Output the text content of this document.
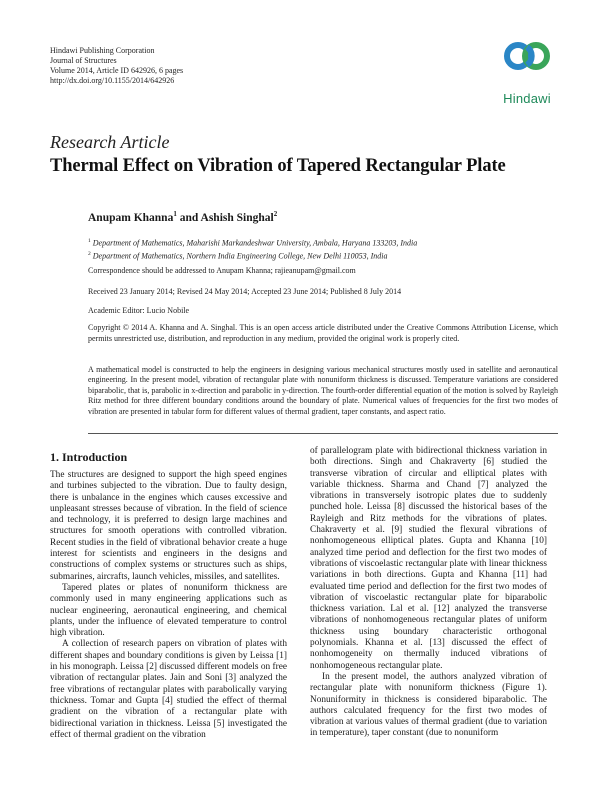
Hindawi Publishing Corporation
Journal of Structures
Volume 2014, Article ID 642926, 6 pages
http://dx.doi.org/10.1155/2014/642926
Hindawi
Research Article
Thermal Effect on Vibration of Tapered Rectangular Plate
Anupam Khanna$^1$ and Ashish Singhal$^2$
$^1$ Department of Mathematics, Maharishi Markandeshwar University, Ambala, Haryana 133203, India
$^2$ Department of Mathematics, Northern India Engineering College, New Delhi 110053, India
Correspondence should be addressed to Anupam Khanna; rajieanupam@gmail.com
Received 23 January 2014; Revised 24 May 2014; Accepted 23 June 2014; Published 8 July 2014
Academic Editor: Lucio Nobile
Copyright © 2014 A. Khanna and A. Singhal. This is an open access article distributed under the Creative Commons Attribution License, which permits unrestricted use, distribution, and reproduction in any medium, provided the original work is properly cited.
A mathematical model is constructed to help the engineers in designing various mechanical structures mostly used in satellite and aeronautical engineering. In the present model, vibration of rectangular plate with nonuniform thickness is discussed. Temperature variations are considered biparabolic, that is, parabolic in x-direction and parabolic in y-direction. The fourth-order differential equation of the motion is solved by Rayleigh Ritz method for three different boundary conditions around the boundary of plate. Numerical values of frequencies for the first two modes of vibration are presented in tabular form for different values of thermal gradient, taper constants, and aspect ratio.
1. Introduction

The structures are designed to support the high speed engines and turbines subjected to the vibration. Due to faulty design, there is unbalance in the engines which causes excessive and unpleasant stresses because of vibration. In the field of science and technology, it is preferred to design large machines and structures for smooth operations with controlled vibration. Recent studies in the field of vibrational behavior create a huge interest for scientists and engineers in the designs and constructions of complex systems or structures such as ships, submarines, aircrafts, launch vehicles, missiles, and satellites.

Tapered plates or plates of nonuniform thickness are commonly used in many engineering applications such as nuclear engineering, aeronautical engineering, and chemical plants, under the influence of elevated temperature to control high vibration.

A collection of research papers on vibration of plates with different shapes and boundary conditions is given by Leissa [1] in his monograph. Leissa [2] discussed different models on free vibration of rectangular plates. Jain and Soni [3] analyzed the free vibrations of rectangular plates with parabolically varying thickness. Tomar and Gupta [4] studied the effect of thermal gradient on the vibration of a rectangular plate with bidirectional variation in thickness. Leissa [5] investigated the effect of thermal gradient on the vibration

of parallelogram plate with bidirectional thickness variation in both directions. Singh and Chakraverty [6] studied the transverse vibration of circular and elliptical plates with variable thickness. Sharma and Chand [7] analyzed the vibrations in transversely isotropic plates due to suddenly punched hole. Leissa [8] discussed the historical bases of the Rayleigh and Ritz methods for the vibrations of plates. Chakraverty et al. [9] studied the flexural vibrations of nonhomogeneous elliptical plates. Gupta and Khanna [10] analyzed time period and deflection for the first two modes of vibrations of viscoelastic rectangular plate with linear thickness variations in both directions. Gupta and Khanna [11] had evaluated time period and deflection for the first two modes of vibration of viscoelastic rectangular plate for biparabolic thickness variation. Lal et al. [12] analyzed the transverse vibrations of nonhomogeneous rectangular plates of uniform thickness using boundary characteristic orthogonal polynomials. Khanna et al. [13] discussed the effect of nonhomogeneity on thermally induced vibrations of nonhomogeneous rectangular plate.

In the present model, the authors analyzed vibration of rectangular plate with nonuniform thickness (Figure 1). Nonuniformity in thickness is considered biparabolic. The authors calculated frequency for the first two modes of vibration at various values of thermal gradient (due to variation in temperature), taper constant (due to nonuniform
